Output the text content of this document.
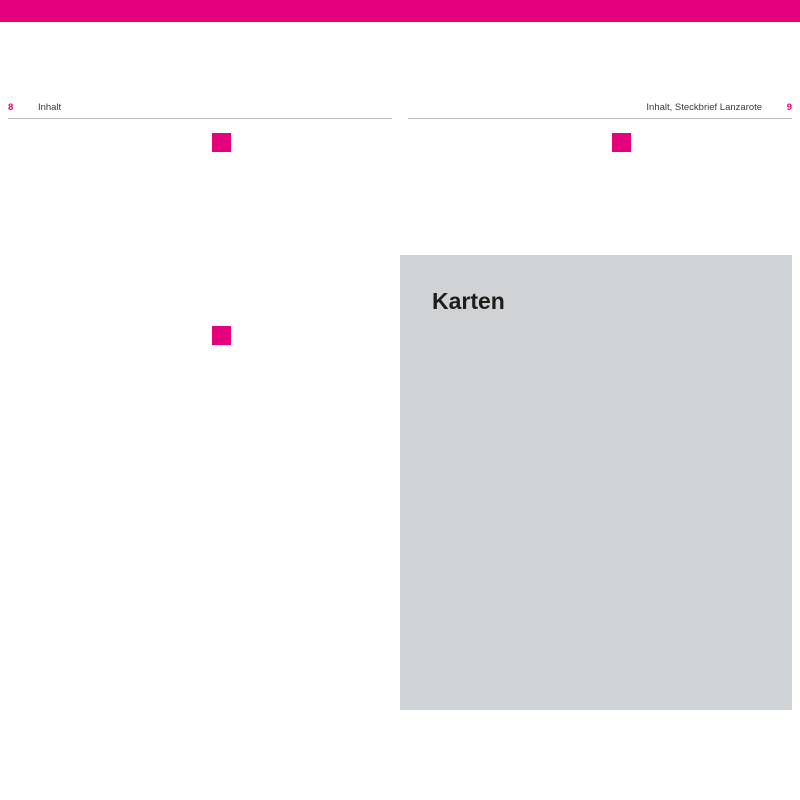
8	Inhalt	Inhalt, Steckbrief Lanzarote	9
Karten
